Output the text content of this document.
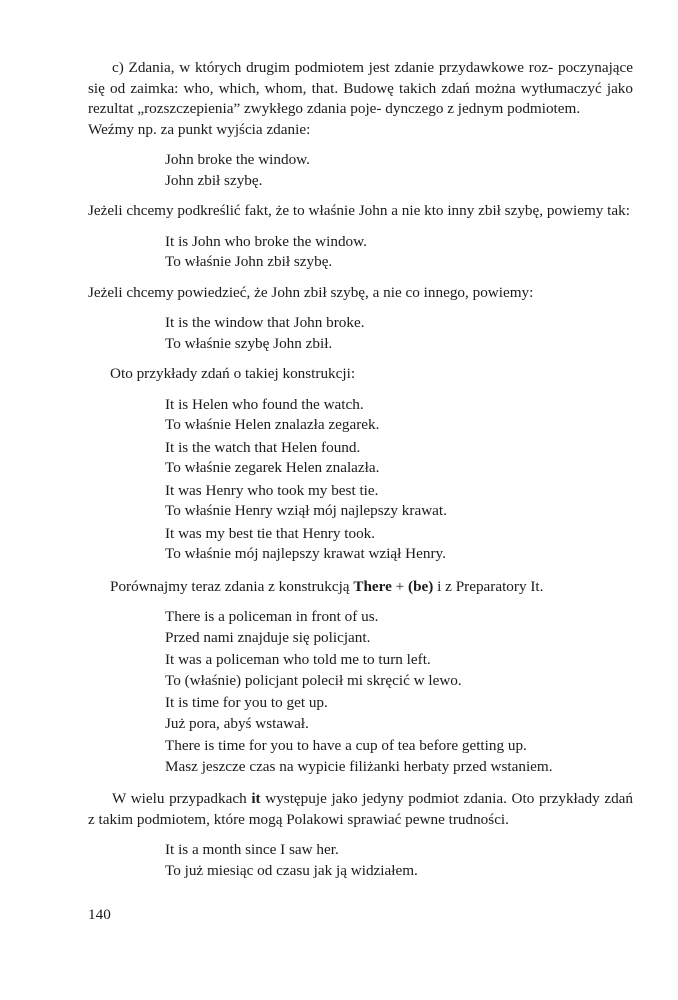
c) Zdania, w których drugim podmiotem jest zdanie przydawkowe roz- poczynające się od zaimka: who, which, whom, that. Budowę takich zdań można wytłumaczyć jako rezultat „rozszczepienia” zwykłego zdania poje- dynczego z jednym podmiotem.

Weźmy np. za punkt wyjścia zdanie:

John broke the window.
John zbił szybę.

Jeżeli chcemy podkreślić fakt, że to właśnie John a nie kto inny zbił szybę, powiemy tak:

It is John who broke the window.
To właśnie John zbił szybę.

Jeżeli chcemy powiedzieć, że John zbił szybę, a nie co innego, powiemy:

It is the window that John broke.
To właśnie szybę John zbił.

Oto przykłady zdań o takiej konstrukcji:

It is Helen who found the watch.
To właśnie Helen znalazła zegarek.
It is the watch that Helen found.
To właśnie zegarek Helen znalazła.
It was Henry who took my best tie.
To właśnie Henry wziął mój najlepszy krawat.
It was my best tie that Henry took.
To właśnie mój najlepszy krawat wziął Henry.

Porównajmy teraz zdania z konstrukcją There + (be) i z Preparatory It.

There is a policeman in front of us.
Przed nami znajduje się policjant.
It was a policeman who told me to turn left.
To (właśnie) policjant polecił mi skręcić w lewo.
It is time for you to get up.
Już pora, abyś wstawał.
There is time for you to have a cup of tea before getting up.
Masz jeszcze czas na wypicie filiżanki herbaty przed wstaniem.

W wielu przypadkach it występuje jako jedyny podmiot zdania. Oto przykłady zdań z takim podmiotem, które mogą Polakowi sprawiać pewne trudności.

It is a month since I saw her.
To już miesiąc od czasu jak ją widziałem.
140
